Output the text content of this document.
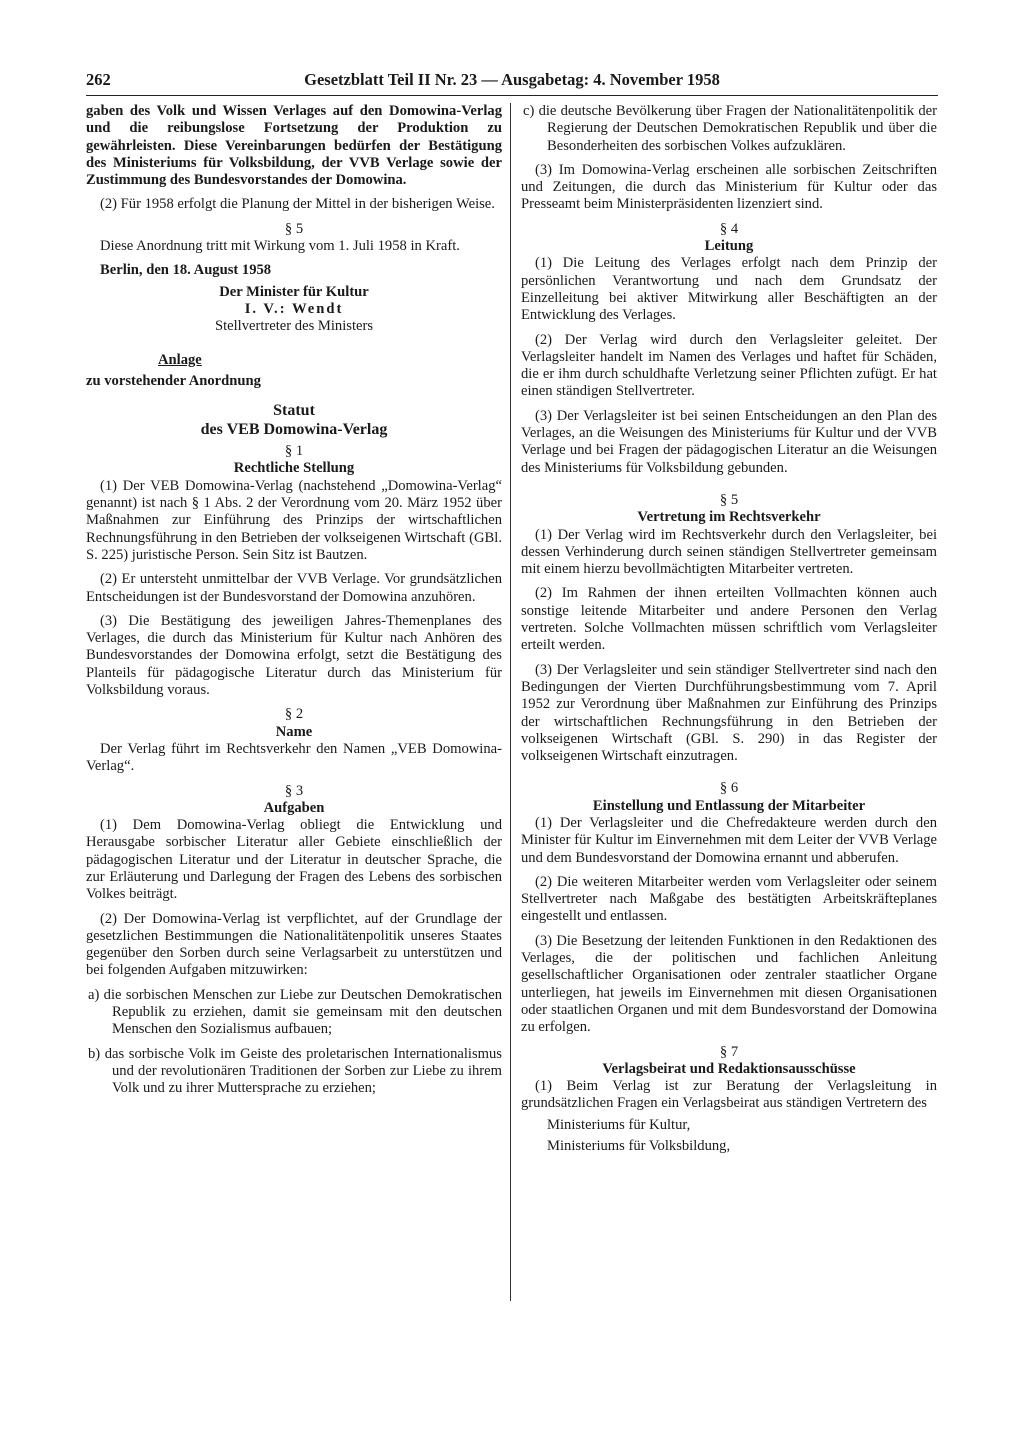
262	Gesetzblatt Teil II Nr. 23 — Ausgabetag: 4. November 1958

gaben des Volk und Wissen Verlages auf den Domowina-Verlag und die reibungslose Fortsetzung der Produktion zu gewährleisten. Diese Vereinbarungen bedürfen der Bestätigung des Ministeriums für Volksbildung, der VVB Verlage sowie der Zustimmung des Bundesvorstandes der Domowina.

(2) Für 1958 erfolgt die Planung der Mittel in der bisherigen Weise.

§ 5

Diese Anordnung tritt mit Wirkung vom 1. Juli 1958 in Kraft.

Berlin, den 18. August 1958

Der Minister für Kultur
I. V.: Wendt
Stellvertreter des Ministers
Anlage

zu vorstehender Anordnung

Statut
des VEB Domowina-Verlag
§ 1
Rechtliche Stellung

(1) Der VEB Domowina-Verlag (nachstehend „Domowina-Verlag“ genannt) ist nach § 1 Abs. 2 der Verordnung vom 20. März 1952 über Maßnahmen zur Einführung des Prinzips der wirtschaftlichen Rechnungsführung in den Betrieben der volkseigenen Wirtschaft (GBl. S. 225) juristische Person. Sein Sitz ist Bautzen.

(2) Er untersteht unmittelbar der VVB Verlage. Vor grundsätzlichen Entscheidungen ist der Bundesvorstand der Domowina anzuhören.

(3) Die Bestätigung des jeweiligen Jahres-Themenplanes des Verlages, die durch das Ministerium für Kultur nach Anhören des Bundesvorstandes der Domowina erfolgt, setzt die Bestätigung des Planteils für pädagogische Literatur durch das Ministerium für Volksbildung voraus.

§ 2
Name

Der Verlag führt im Rechtsverkehr den Namen „VEB Domowina-Verlag“.

§ 3
Aufgaben

(1) Dem Domowina-Verlag obliegt die Entwicklung und Herausgabe sorbischer Literatur aller Gebiete einschließlich der pädagogischen Literatur und der Literatur in deutscher Sprache, die zur Erläuterung und Darlegung der Fragen des Lebens des sorbischen Volkes beiträgt.

(2) Der Domowina-Verlag ist verpflichtet, auf der Grundlage der gesetzlichen Bestimmungen die Nationalitätenpolitik unseres Staates gegenüber den Sorben durch seine Verlagsarbeit zu unterstützen und bei folgenden Aufgaben mitzuwirken:

a) die sorbischen Menschen zur Liebe zur Deutschen Demokratischen Republik zu erziehen, damit sie gemeinsam mit den deutschen Menschen den Sozialismus aufbauen;

b) das sorbische Volk im Geiste des proletarischen Internationalismus und der revolutionären Traditionen der Sorben zur Liebe zu ihrem Volk und zu ihrer Muttersprache zu erziehen;

c) die deutsche Bevölkerung über Fragen der Nationalitätenpolitik der Regierung der Deutschen Demokratischen Republik und über die Besonderheiten des sorbischen Volkes aufzuklären.

(3) Im Domowina-Verlag erscheinen alle sorbischen Zeitschriften und Zeitungen, die durch das Ministerium für Kultur oder das Presseamt beim Ministerpräsidenten lizenziert sind.

§ 4
Leitung

(1) Die Leitung des Verlages erfolgt nach dem Prinzip der persönlichen Verantwortung und nach dem Grundsatz der Einzelleitung bei aktiver Mitwirkung aller Beschäftigten an der Entwicklung des Verlages.

(2) Der Verlag wird durch den Verlagsleiter geleitet. Der Verlagsleiter handelt im Namen des Verlages und haftet für Schäden, die er ihm durch schuldhafte Verletzung seiner Pflichten zufügt. Er hat einen ständigen Stellvertreter.

(3) Der Verlagsleiter ist bei seinen Entscheidungen an den Plan des Verlages, an die Weisungen des Ministeriums für Kultur und der VVB Verlage und bei Fragen der pädagogischen Literatur an die Weisungen des Ministeriums für Volksbildung gebunden.

§ 5
Vertretung im Rechtsverkehr

(1) Der Verlag wird im Rechtsverkehr durch den Verlagsleiter, bei dessen Verhinderung durch seinen ständigen Stellvertreter gemeinsam mit einem hierzu bevollmächtigten Mitarbeiter vertreten.

(2) Im Rahmen der ihnen erteilten Vollmachten können auch sonstige leitende Mitarbeiter und andere Personen den Verlag vertreten. Solche Vollmachten müssen schriftlich vom Verlagsleiter erteilt werden.

(3) Der Verlagsleiter und sein ständiger Stellvertreter sind nach den Bedingungen der Vierten Durchführungsbestimmung vom 7. April 1952 zur Verordnung über Maßnahmen zur Einführung des Prinzips der wirtschaftlichen Rechnungsführung in den Betrieben der volkseigenen Wirtschaft (GBl. S. 290) in das Register der volkseigenen Wirtschaft einzutragen.

§ 6
Einstellung und Entlassung der Mitarbeiter

(1) Der Verlagsleiter und die Chefredakteure werden durch den Minister für Kultur im Einvernehmen mit dem Leiter der VVB Verlage und dem Bundesvorstand der Domowina ernannt und abberufen.

(2) Die weiteren Mitarbeiter werden vom Verlagsleiter oder seinem Stellvertreter nach Maßgabe des bestätigten Arbeitskräfteplanes eingestellt und entlassen.

(3) Die Besetzung der leitenden Funktionen in den Redaktionen des Verlages, die der politischen und fachlichen Anleitung gesellschaftlicher Organisationen oder zentraler staatlicher Organe unterliegen, hat jeweils im Einvernehmen mit diesen Organisationen oder staatlichen Organen und mit dem Bundesvorstand der Domowina zu erfolgen.

§ 7
Verlagsbeirat und Redaktionsausschüsse

(1) Beim Verlag ist zur Beratung der Verlagsleitung in grundsätzlichen Fragen ein Verlagsbeirat aus ständigen Vertretern des

Ministeriums für Kultur,
Ministeriums für Volksbildung,
